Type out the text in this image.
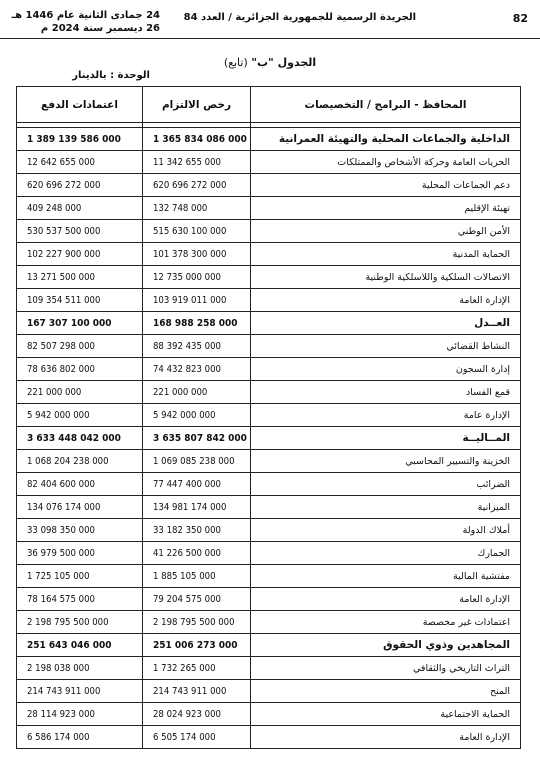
82
الجريدة الرسمية للجمهورية الجزائرية / العدد 84
24 جمادى الثانية عام 1446 هـ
26 ديسمبر سنة 2024 م
الجدول "ب" (تابع)
الوحدة : بالدينار
المحافظ - البرامج / التخصيصات	رخص الالتزام	اعتمادات الدفع

الداخلية والجماعات المحلية والتهيئة العمرانية	1 365 834 086 000	1 389 139 586 000
الحريات العامة وحركة الأشخاص والممتلكات	11 342 655 000	12 642 655 000
دعم الجماعات المحلية	620 696 272 000	620 696 272 000
تهيئة الإقليم	132 748 000	409 248 000
الأمن الوطني	515 630 100 000	530 537 500 000
الحماية المدنية	101 378 300 000	102 227 900 000
الاتصالات السلكية واللاسلكية الوطنية	12 735 000 000	13 271 500 000
الإدارة العامة	103 919 011 000	109 354 511 000
العــدل	168 988 258 000	167 307 100 000
النشاط القضائي	88 392 435 000	82 507 298 000
إدارة السجون	74 432 823 000	78 636 802 000
قمع الفساد	221 000 000	221 000 000
الإدارة عامة	5 942 000 000	5 942 000 000
المــاليــة	3 635 807 842 000	3 633 448 042 000
الخزينة والتسيير المحاسبي	1 069 085 238 000	1 068 204 238 000
الضرائب	77 447 400 000	82 404 600 000
الميزانية	134 981 174 000	134 076 174 000
أملاك الدولة	33 182 350 000	33 098 350 000
الجمارك	41 226 500 000	36 979 500 000
مفتشية المالية	1 885 105 000	1 725 105 000
الإدارة العامة	79 204 575 000	78 164 575 000
اعتمادات غير مخصصة	2 198 795 500 000	2 198 795 500 000
المجاهدين وذوي الحقوق	251 006 273 000	251 643 046 000
التراث التاريخي والثقافي	1 732 265 000	2 198 038 000
المنح	214 743 911 000	214 743 911 000
الحماية الاجتماعية	28 024 923 000	28 114 923 000
الإدارة العامة	6 505 174 000	6 586 174 000
